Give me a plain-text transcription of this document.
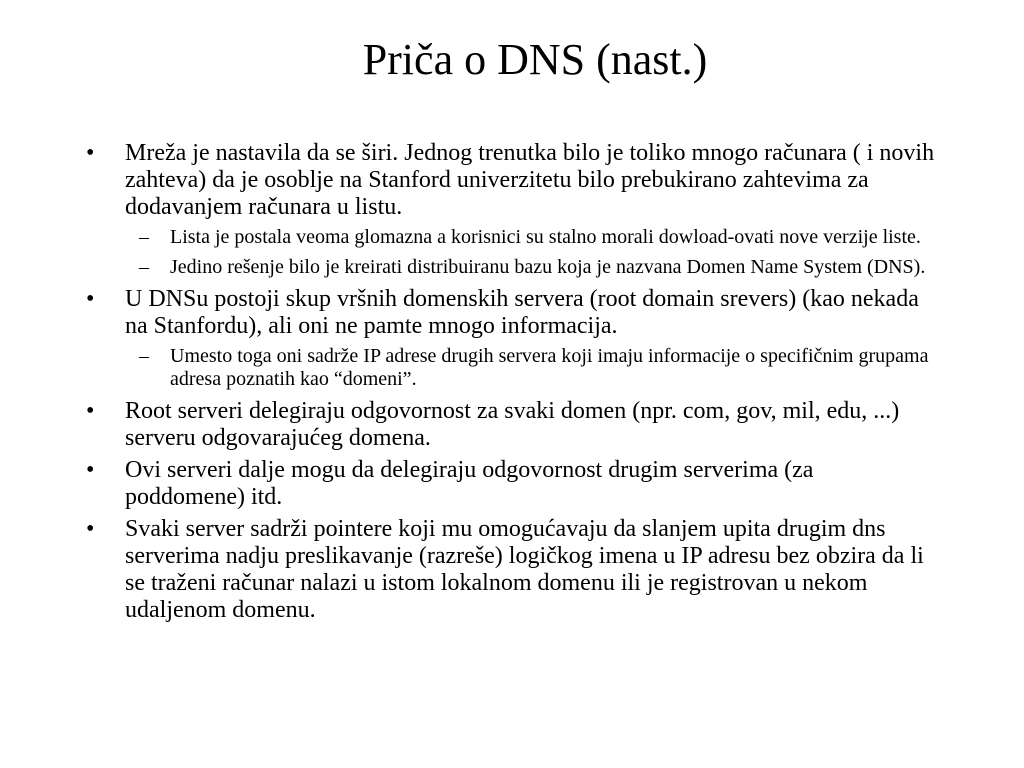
Priča o DNS (nast.)
• Mreža je nastavila da se širi. Jednog trenutka bilo je toliko mnogo računara ( i novih zahteva) da je osoblje na Stanford univerzitetu bilo prebukirano zahtevima za dodavanjem računara u listu.
– Lista je postala veoma glomazna a korisnici su stalno morali dowload-ovati nove verzije liste.
– Jedino rešenje bilo je kreirati distribuiranu bazu koja je nazvana Domen Name System (DNS).
• U DNSu postoji skup vršnih domenskih servera (root domain srevers) (kao nekada na Stanfordu), ali oni ne pamte mnogo informacija.
– Umesto toga oni sadrže IP adrese drugih servera koji imaju informacije o specifičnim grupama adresa poznatih kao “domeni”.
• Root serveri delegiraju odgovornost za svaki domen (npr. com, gov, mil, edu, ...) serveru odgovarajućeg domena.
• Ovi serveri dalje mogu da delegiraju odgovornost drugim serverima (za poddomene) itd.
• Svaki server sadrži pointere koji mu omogućavaju da slanjem upita drugim dns serverima nadju preslikavanje (razreše) logičkog imena u IP adresu bez obzira da li se traženi računar nalazi u istom lokalnom domenu ili je registrovan u nekom udaljenom domenu.
